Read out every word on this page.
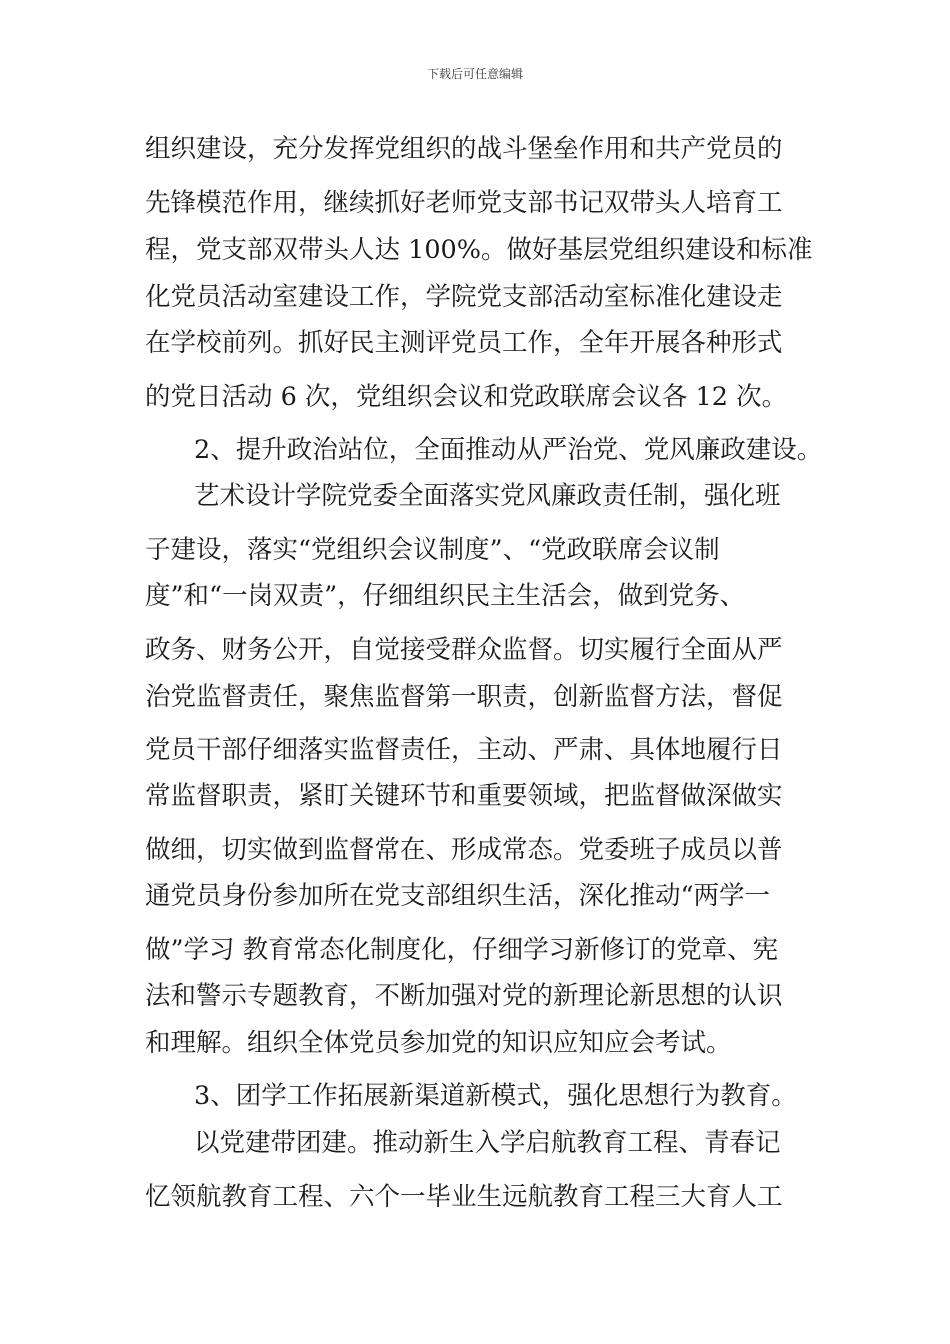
下载后可任意编辑
组织建设，充分发挥党组织的战斗堡垒作用和共产党员的
先锋模范作用，继续抓好老师党支部书记双带头人培育工
程，党支部双带头人达 100%。做好基层党组织建设和标准
化党员活动室建设工作，学院党支部活动室标准化建设走
在学校前列。抓好民主测评党员工作，全年开展各种形式
的党日活动 6 次，党组织会议和党政联席会议各 12 次。
2、提升政治站位，全面推动从严治党、党风廉政建设。
艺术设计学院党委全面落实党风廉政责任制，强化班
子建设，落实“党组织会议制度”、“党政联席会议制
度”和“一岗双责”，仔细组织民主生活会，做到党务、
政务、财务公开，自觉接受群众监督。切实履行全面从严
治党监督责任，聚焦监督第一职责，创新监督方法，督促
党员干部仔细落实监督责任，主动、严肃、具体地履行日
常监督职责，紧盯关键环节和重要领域，把监督做深做实
做细，切实做到监督常在、形成常态。党委班子成员以普
通党员身份参加所在党支部组织生活，深化推动“两学一
做”学习 教育常态化制度化，仔细学习新修订的党章、宪
法和警示专题教育，不断加强对党的新理论新思想的认识
和理解。组织全体党员参加党的知识应知应会考试。
3、团学工作拓展新渠道新模式，强化思想行为教育。
以党建带团建。推动新生入学启航教育工程、青春记
忆领航教育工程、六个一毕业生远航教育工程三大育人工
